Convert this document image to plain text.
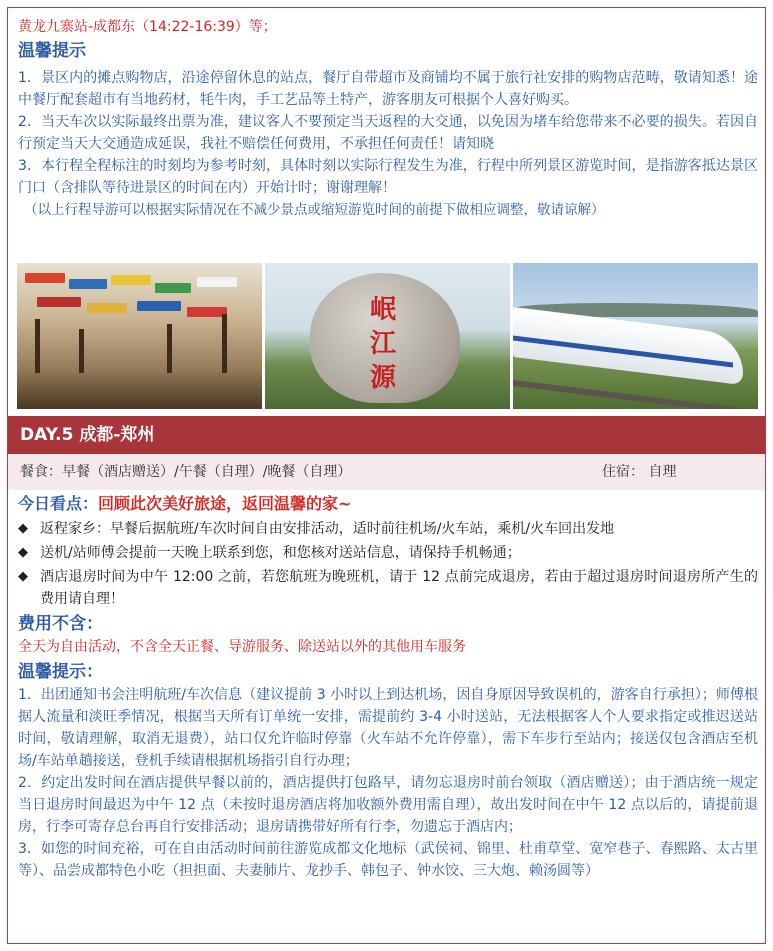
黄龙九寨站-成都东（14:22-16:39）等；
温馨提示
1．景区内的摊点购物店，沿途停留休息的站点，餐厅自带超市及商铺均不属于旅行社安排的购物店范畴，敬请知悉！途中餐厅配套超市有当地药材，牦牛肉，手工艺品等土特产，游客朋友可根据个人喜好购买。
2．当天车次以实际最终出票为准，建议客人不要预定当天返程的大交通，以免因为堵车给您带来不必要的损失。若因自行预定当天大交通造成延误，我社不赔偿任何费用，不承担任何责任！请知晓
3．本行程全程标注的时刻均为参考时刻，具体时刻以实际行程发生为准，行程中所列景区游览时间，是指游客抵达景区门口（含排队等待进景区的时间在内）开始计时；谢谢理解！
（以上行程导游可以根据实际情况在不减少景点或缩短游览时间的前提下做相应调整，敬请谅解）
岷
江
源
DAY.5 成都-郑州
餐食：早餐（酒店赠送）/午餐（自理）/晚餐（自理）	住宿： 自理
今日看点：回顾此次美好旅途，返回温馨的家~
◆ 返程家乡：早餐后据航班/车次时间自由安排活动，适时前往机场/火车站，乘机/火车回出发地
◆ 送机/站师傅会提前一天晚上联系到您，和您核对送站信息，请保持手机畅通；
◆ 酒店退房时间为中午 12:00 之前，若您航班为晚班机，请于 12 点前完成退房，若由于超过退房时间退房所产生的费用请自理！
费用不含：
全天为自由活动，不含全天正餐、导游服务、除送站以外的其他用车服务
温馨提示：
1．出团通知书会注明航班/车次信息（建议提前 3 小时以上到达机场，因自身原因导致误机的，游客自行承担）；师傅根据人流量和淡旺季情况，根据当天所有订单统一安排，需提前约 3-4 小时送站，无法根据客人个人要求指定或推迟送站时间，敬请理解，取消无退费），站口仅允许临时停靠（火车站不允许停靠），需下车步行至站内；接送仅包含酒店至机场/车站单趟接送，登机手续请根据机场指引自行办理；
2．约定出发时间在酒店提供早餐以前的，酒店提供打包路早，请勿忘退房时前台领取（酒店赠送）；由于酒店统一规定当日退房时间最迟为中午 12 点（未按时退房酒店将加收额外费用需自理），故出发时间在中午 12 点以后的，请提前退房，行李可寄存总台再自行安排活动；退房请携带好所有行李，勿遗忘于酒店内；
3．如您的时间充裕，可在自由活动时间前往游览成都文化地标（武侯祠、锦里、杜甫草堂、宽窄巷子、春熙路、太古里等）、品尝成都特色小吃（担担面、夫妻肺片、龙抄手、韩包子、钟水饺、三大炮、赖汤圆等）
